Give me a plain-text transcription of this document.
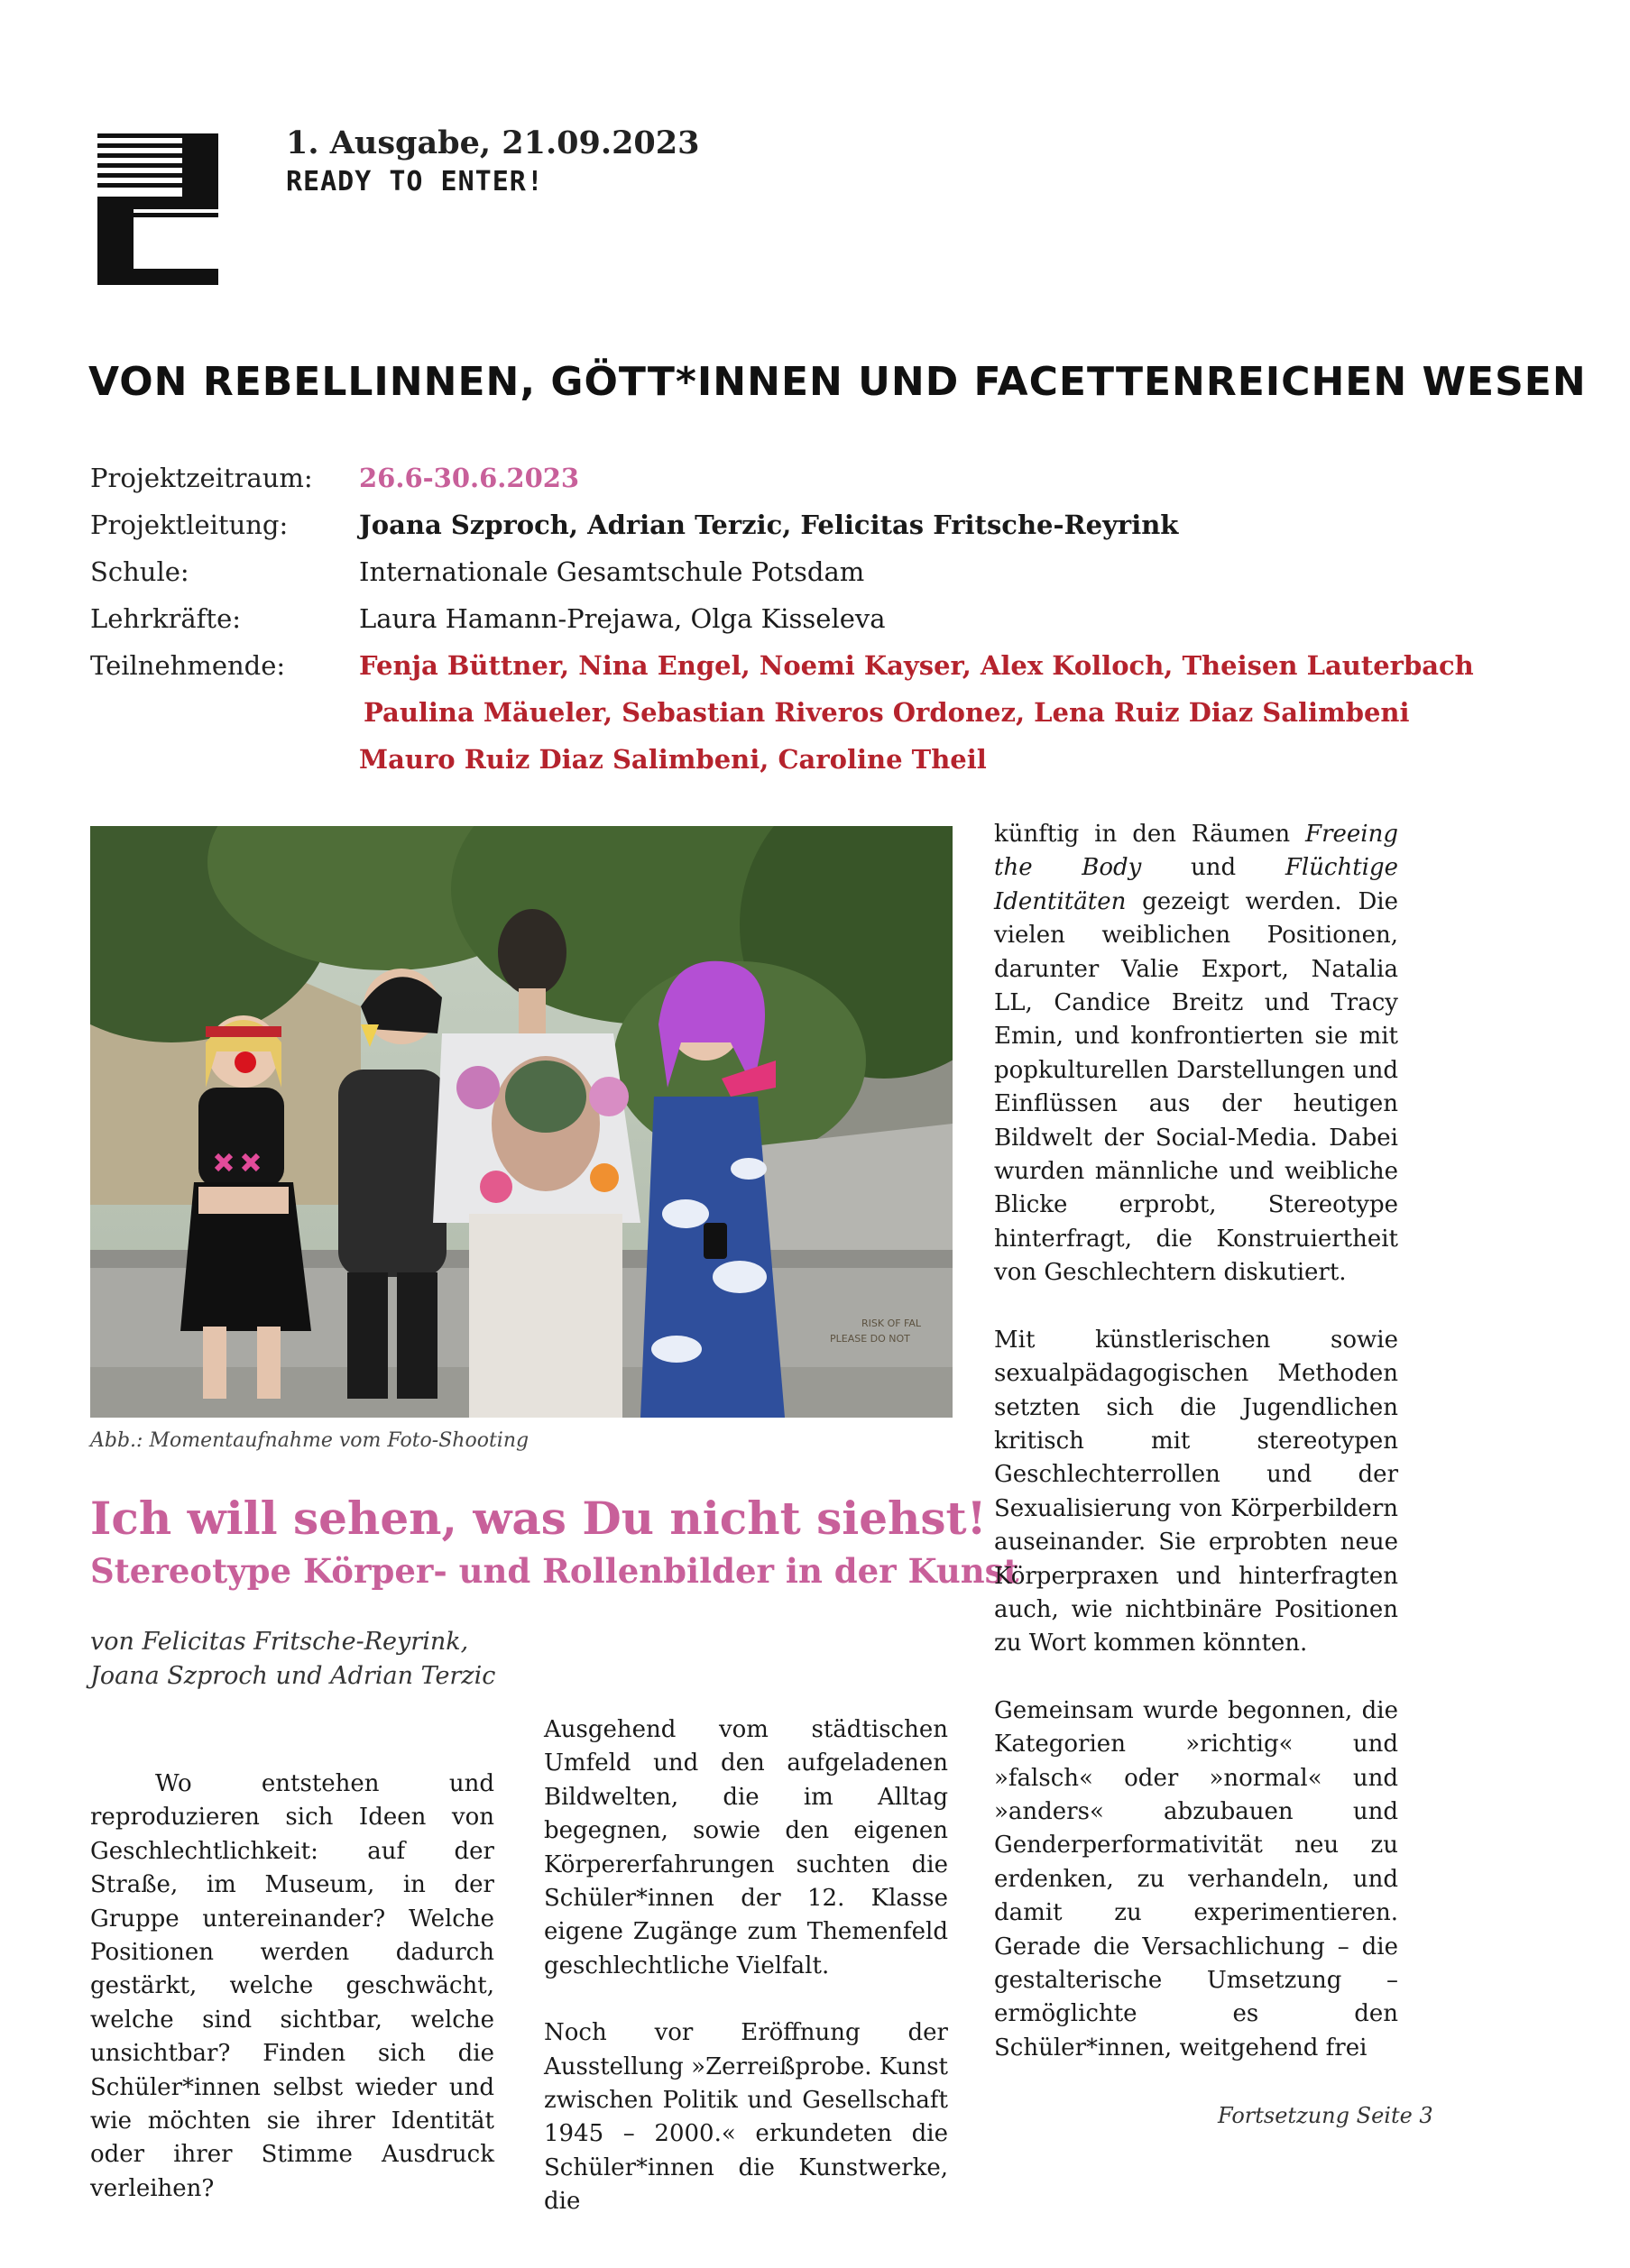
1. Ausgabe, 21.09.2023
READY TO ENTER!
VON REBELLINNEN, GÖTT*INNEN UND FACETTENREICHEN WESEN
Projektzeitraum: 26.6-30.6.2023
Projektleitung:	Joana Szproch, Adrian Terzic, Felicitas Fritsche-Reyrink
Schule:	Internationale Gesamtschule Potsdam
Lehrkräfte:	Laura Hamann-Prejawa, Olga Kisseleva
Teilnehmende:	Fenja Büttner, Nina Engel, Noemi Kayser, Alex Kolloch, Theisen Lauterbach
Paulina Mäueler, Sebastian Riveros Ordonez, Lena Ruiz Diaz Salimbeni
Mauro Ruiz Diaz Salimbeni, Caroline Theil
RISK OF FAL
PLEASE DO NOT
Abb.: Momentaufnahme vom Foto-Shooting
Ich will sehen, was Du nicht siehst!
Stereotype Körper- und Rollenbilder in der Kunst
von Felicitas Fritsche-Reyrink,
Joana Szproch und Adrian Terzic

Wo entstehen und reproduzieren sich Ideen von Geschlechtlichkeit: auf der Straße, im Museum, in der Gruppe untereinander? Welche Positionen werden dadurch gestärkt, welche geschwächt, welche sind sichtbar, welche unsichtbar? Finden sich die Schüler*innen selbst wieder und wie möchten sie ihrer Identität oder ihrer Stimme Ausdruck verleihen?

Ausgehend vom städtischen Umfeld und den aufgeladenen Bildwelten, die im Alltag begegnen, sowie den eigenen Körpererfahrungen suchten die Schüler*innen der 12. Klasse eigene Zugänge zum Themenfeld geschlechtliche Vielfalt.

Noch vor Eröffnung der Ausstellung »Zerreißprobe. Kunst zwischen Politik und Gesellschaft 1945 – 2000.« erkundeten die Schüler*innen die Kunstwerke, die

künftig in den Räumen Freeing the Body und Flüchtige Identitäten gezeigt werden. Die vielen weiblichen Positionen, darunter Valie Export, Natalia LL, Candice Breitz und Tracy Emin, und konfrontierten sie mit popkulturellen Darstellungen und Einflüssen aus der heutigen Bildwelt der Social-Media. Dabei wurden männliche und weibliche Blicke erprobt, Stereotype hinterfragt, die Konstruiertheit von Geschlechtern diskutiert.

Mit künstlerischen sowie sexualpädagogischen Methoden setzten sich die Jugendlichen kritisch mit stereotypen Geschlechterrollen und der Sexualisierung von Körperbildern auseinander. Sie erprobten neue Körperpraxen und hinterfragten auch, wie nichtbinäre Positionen zu Wort kommen könnten.

Gemeinsam wurde begonnen, die Kategorien »richtig« und »falsch« oder »normal« und »anders« abzubauen und Genderperformativität neu zu erdenken, zu verhandeln, und damit zu experimentieren. Gerade die Versachlichung – die gestalterische Umsetzung – ermöglichte es den Schüler*innen, weitgehend frei

Fortsetzung Seite 3
